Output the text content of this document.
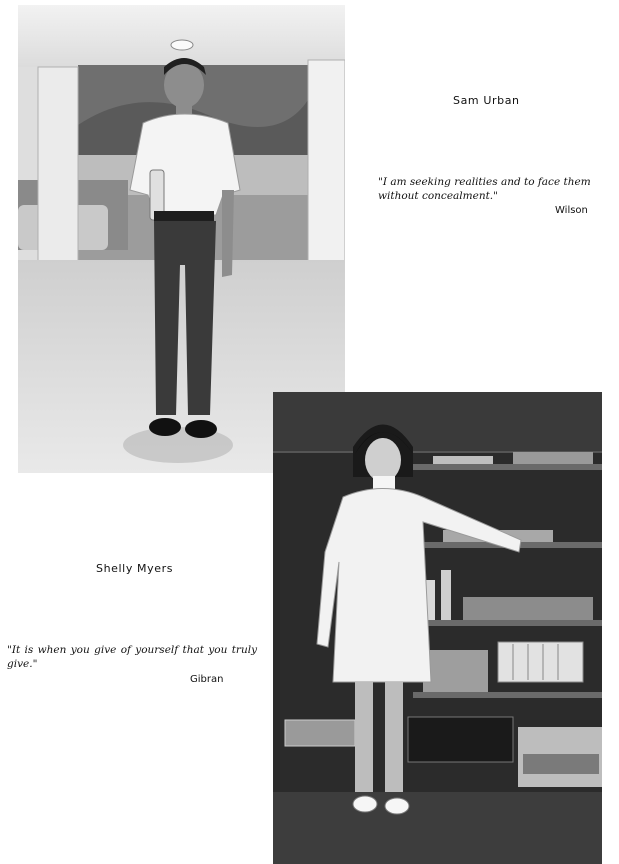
Sam Urban
"I am seeking realities and to face them without concealment."
Wilson
Shelly Myers
"It is when you give of yourself that you truly give."
Gibran
